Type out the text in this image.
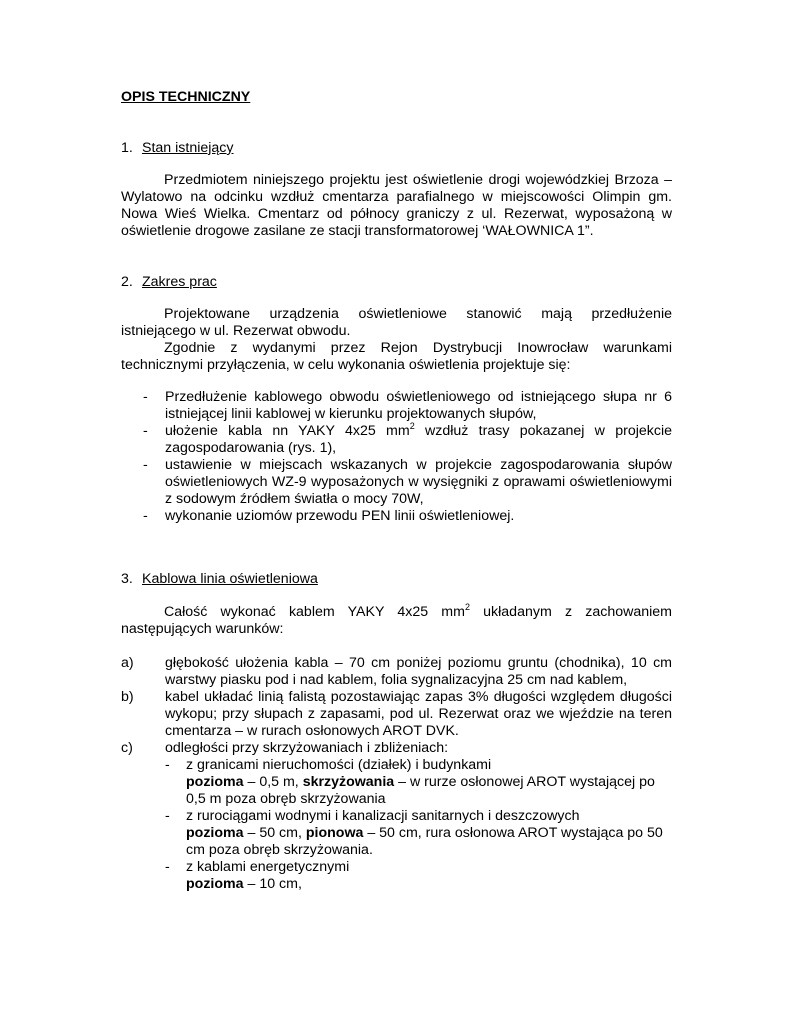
OPIS TECHNICZNY
1. Stan istniejący

Przedmiotem niniejszego projektu jest oświetlenie drogi wojewódzkiej Brzoza – Wylatowo na odcinku wzdłuż cmentarza parafialnego w miejscowości Olimpin gm. Nowa Wieś Wielka. Cmentarz od północy graniczy z ul. Rezerwat, wyposażoną w oświetlenie drogowe zasilane ze stacji transformatorowej ‘WAŁOWNICA 1”.

2. Zakres prac

Projektowane urządzenia oświetleniowe stanowić mają przedłużenie istniejącego w ul. Rezerwat obwodu.

Zgodnie z wydanymi przez Rejon Dystrybucji Inowrocław warunkami technicznymi przyłączenia, w celu wykonania oświetlenia projektuje się:

- Przedłużenie kablowego obwodu oświetleniowego od istniejącego słupa nr 6 istniejącej linii kablowej w kierunku projektowanych słupów,
- ułożenie kabla nn YAKY 4x25 $mm^2$ wzdłuż trasy pokazanej w projekcie zagospodarowania (rys. 1),
- ustawienie w miejscach wskazanych w projekcie zagospodarowania słupów oświetleniowych WZ-9 wyposażonych w wysięgniki z oprawami oświetleniowymi z sodowym źródłem światła o mocy 70W,
- wykonanie uziomów przewodu PEN linii oświetleniowej.
3. Kablowa linia oświetleniowa

Całość wykonać kablem YAKY 4x25 $mm^2$ układanym z zachowaniem następujących warunków:

a) głębokość ułożenia kabla – 70 cm poniżej poziomu gruntu (chodnika), 10 cm warstwy piasku pod i nad kablem, folia sygnalizacyjna 25 cm nad kablem,
b) kabel układać linią falistą pozostawiając zapas 3% długości względem długości wykopu; przy słupach z zapasami, pod ul. Rezerwat oraz we wjeździe na teren cmentarza – w rurach osłonowych AROT DVK.
c) odległości przy skrzyżowaniach i zbliżeniach:
- z granicami nieruchomości (działek) i budynkami
pozioma – 0,5 m, skrzyżowania – w rurze osłonowej AROT wystającej po 0,5 m poza obręb skrzyżowania
- z rurociągami wodnymi i kanalizacji sanitarnych i deszczowych
pozioma – 50 cm, pionowa – 50 cm, rura osłonowa AROT wystająca po 50 cm poza obręb skrzyżowania.
- z kablami energetycznymi
pozioma – 10 cm,
